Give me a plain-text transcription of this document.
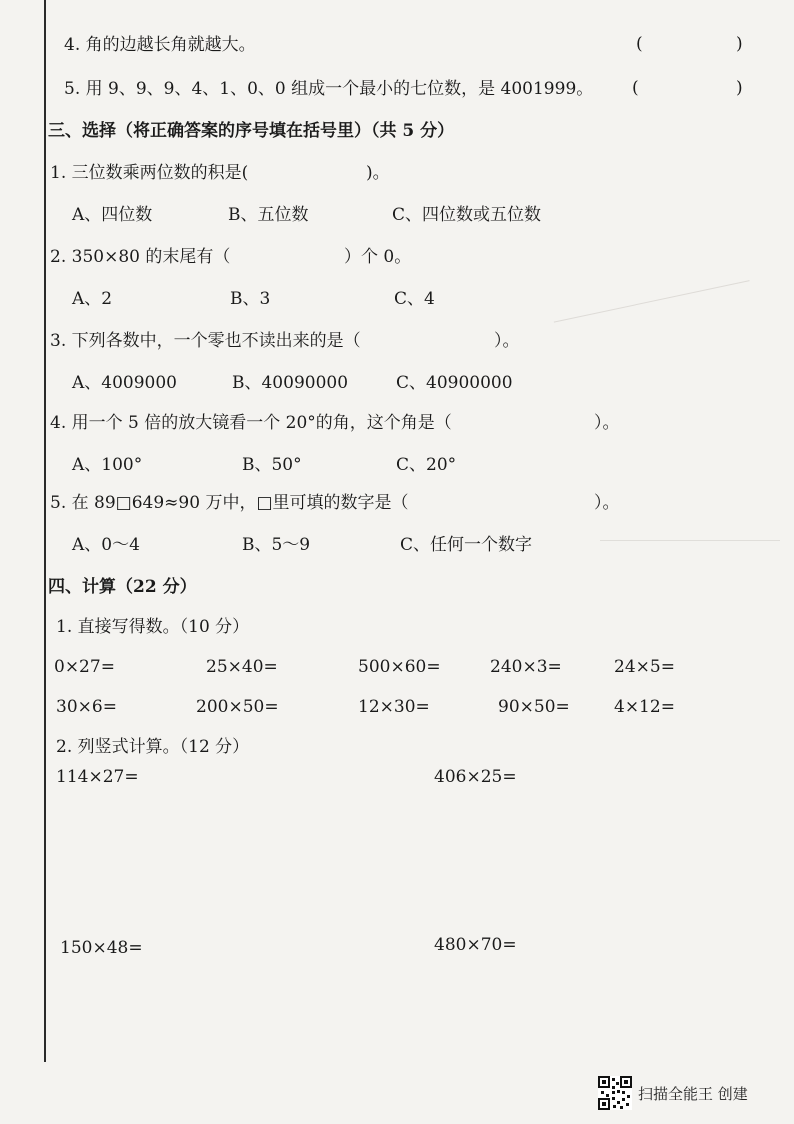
4. 角的边越长角就越大。	(	)
5. 用 9、9、9、4、1、0、0 组成一个最小的七位数，是 4001999。 (	)
三、选择（将正确答案的序号填在括号里）（共 5 分）
1. 三位数乘两位数的积是(	)。
A、四位数	B、五位数	C、四位数或五位数
2. 350×80 的末尾有（	）个 0。
A、2	B、3	C、4
3. 下列各数中，一个零也不读出来的是（	）。
A、4009000	B、40090000	C、40900000
4. 用一个 5 倍的放大镜看一个 20°的角，这个角是（	）。
A、100°	B、50°	C、20°
5. 在 89□649≈90 万中，□里可填的数字是（	）。
A、0～4	B、5～9	C、任何一个数字
四、计算（22 分）
1. 直接写得数。（10 分）
0×27=	25×40=	500×60=	240×3=	24×5=
30×6=	200×50=	12×30=	90×50=	4×12=
2. 列竖式计算。（12 分）
114×27=	406×25=
150×48=	480×70=
扫描全能王 创建
